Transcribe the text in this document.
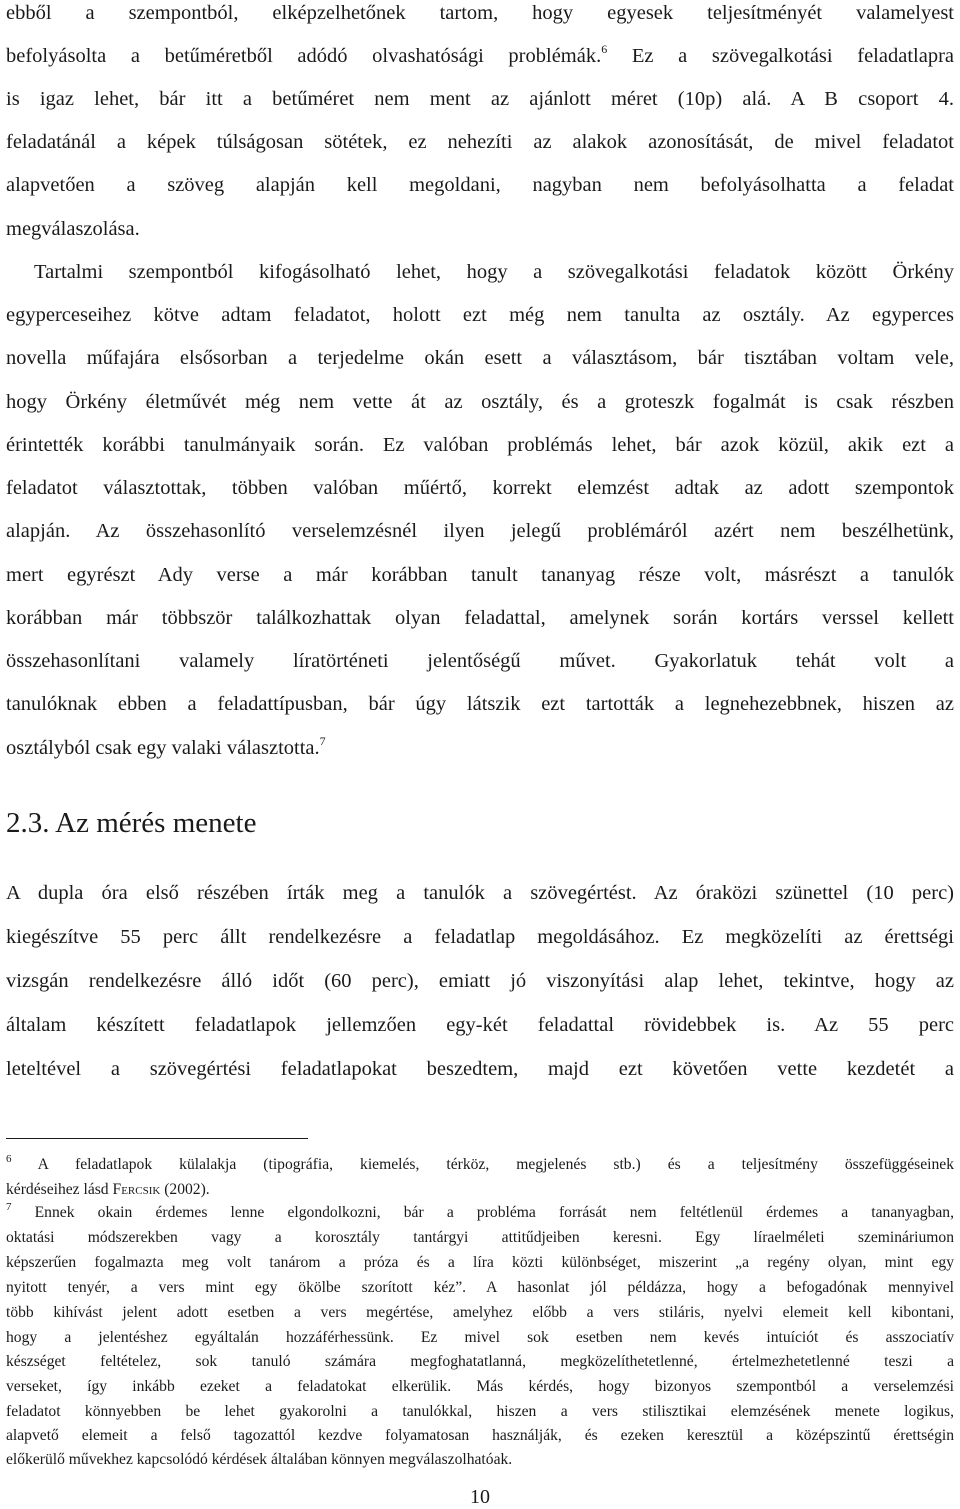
ebből a szempontból, elképzelhetőnek tartom, hogy egyesek teljesítményét valamelyest
befolyásolta a betűméretből adódó olvashatósági problémák.$^6$ Ez a szövegalkotási feladatlapra
is igaz lehet, bár itt a betűméret nem ment az ajánlott méret (10p) alá. A B csoport 4.
feladatánál a képek túlságosan sötétek, ez nehezíti az alakok azonosítását, de mivel feladatot
alapvetően a szöveg alapján kell megoldani, nagyban nem befolyásolhatta a feladat
megválaszolása.
Tartalmi szempontból kifogásolható lehet, hogy a szövegalkotási feladatok között Örkény
egyperceseihez kötve adtam feladatot, holott ezt még nem tanulta az osztály. Az egyperces
novella műfajára elsősorban a terjedelme okán esett a választásom, bár tisztában voltam vele,
hogy Örkény életművét még nem vette át az osztály, és a groteszk fogalmát is csak részben
érintették korábbi tanulmányaik során. Ez valóban problémás lehet, bár azok közül, akik ezt a
feladatot választottak, többen valóban műértő, korrekt elemzést adtak az adott szempontok
alapján. Az összehasonlító verselemzésnél ilyen jelegű problémáról azért nem beszélhetünk,
mert egyrészt Ady verse a már korábban tanult tananyag része volt, másrészt a tanulók
korábban már többször találkozhattak olyan feladattal, amelynek során kortárs verssel kellett
összehasonlítani valamely líratörténeti jelentőségű művet. Gyakorlatuk tehát volt a
tanulóknak ebben a feladattípusban, bár úgy látszik ezt tartották a legnehezebbnek, hiszen az
osztályból csak egy valaki választotta.$^7$
2.3. Az mérés menete
A dupla óra első részében írták meg a tanulók a szövegértést. Az óraközi szünettel (10 perc)
kiegészítve 55 perc állt rendelkezésre a feladatlap megoldásához. Ez megközelíti az érettségi
vizsgán rendelkezésre álló időt (60 perc), emiatt jó viszonyítási alap lehet, tekintve, hogy az
általam készített feladatlapok jellemzően egy-két feladattal rövidebbek is. Az 55 perc
leteltével a szövegértési feladatlapokat beszedtem, majd ezt követően vette kezdetét a
$^6$ A feladatlapok külalakja (tipográfia, kiemelés, térköz, megjelenés stb.) és a teljesítmény összefüggéseinek
kérdéseihez lásd Fercsik (2002).
$^7$ Ennek okain érdemes lenne elgondolkozni, bár a probléma forrását nem feltétlenül érdemes a tananyagban,
oktatási módszerekben vagy a korosztály tantárgyi attitűdjeiben keresni. Egy líraelméleti szemináriumon
képszerűen fogalmazta meg volt tanárom a próza és a líra közti különbséget, miszerint „a regény olyan, mint egy
nyitott tenyér, a vers mint egy ökölbe szorított kéz”. A hasonlat jól példázza, hogy a befogadónak mennyivel
több kihívást jelent adott esetben a vers megértése, amelyhez előbb a vers stiláris, nyelvi elemeit kell kibontani,
hogy a jelentéshez egyáltalán hozzáférhessünk. Ez mivel sok esetben nem kevés intuíciót és asszociatív
készséget feltételez, sok tanuló számára megfoghatatlanná, megközelíthetetlenné, értelmezhetetlenné teszi a
verseket, így inkább ezeket a feladatokat elkerülik. Más kérdés, hogy bizonyos szempontból a verselemzési
feladatot könnyebben be lehet gyakorolni a tanulókkal, hiszen a vers stilisztikai elemzésének menete logikus,
alapvető elemeit a felső tagozattól kezdve folyamatosan használják, és ezeken keresztül a középszintű érettségin
előkerülő művekhez kapcsolódó kérdések általában könnyen megválaszolhatóak.
10
